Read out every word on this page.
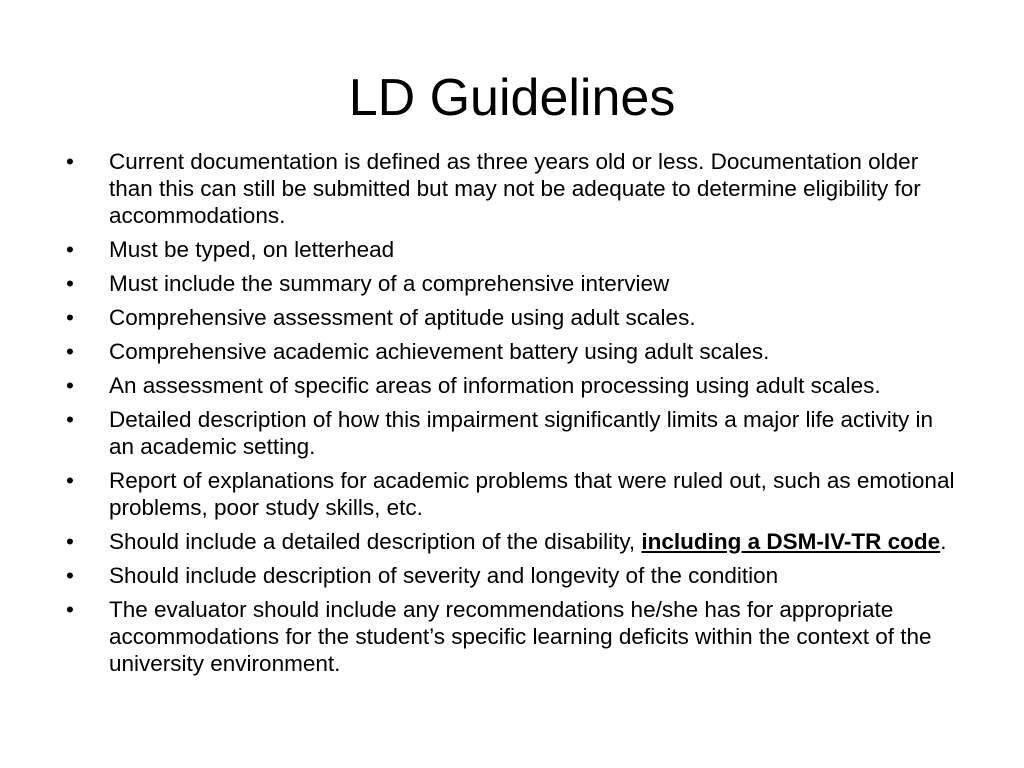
LD Guidelines
•	Current documentation is defined as three years old or less. Documentation older than this can still be submitted but may not be adequate to determine eligibility for accommodations.
•	Must be typed, on letterhead
•	Must include the summary of a comprehensive interview
•	Comprehensive assessment of aptitude using adult scales.
•	Comprehensive academic achievement battery using adult scales.
•	An assessment of specific areas of information processing using adult scales.
•	Detailed description of how this impairment significantly limits a major life activity in an academic setting.
•	Report of explanations for academic problems that were ruled out, such as emotional problems, poor study skills, etc.
•	Should include a detailed description of the disability, including a DSM-IV-TR code.
•	Should include description of severity and longevity of the condition
•	The evaluator should include any recommendations he/she has for appropriate accommodations for the student’s specific learning deficits within the context of the university environment.
